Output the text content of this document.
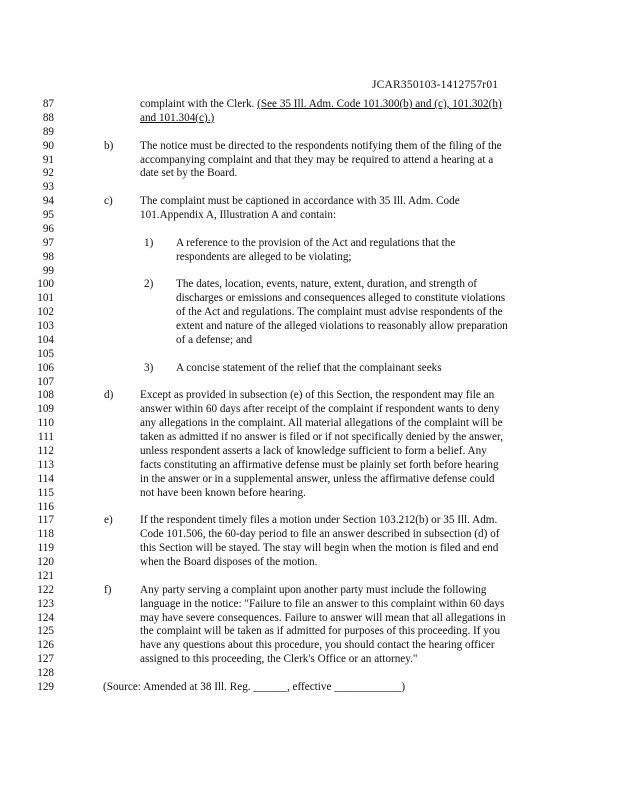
JCAR350103-1412757r01
87	complaint with the Clerk. (See 35 Ill. Adm. Code 101.300(b) and (c), 101.302(h)
88	and 101.304(c).)
89
90	b) The notice must be directed to the respondents notifying them of the filing of the
91	accompanying complaint and that they may be required to attend a hearing at a
92	date set by the Board.
93
94	c) The complaint must be captioned in accordance with 35 Ill. Adm. Code
95	101.Appendix A, Illustration A and contain:
96
97	1) A reference to the provision of the Act and regulations that the
98	respondents are alleged to be violating;
99
100	2) The dates, location, events, nature, extent, duration, and strength of
101	discharges or emissions and consequences alleged to constitute violations
102	of the Act and regulations. The complaint must advise respondents of the
103	extent and nature of the alleged violations to reasonably allow preparation
104	of a defense; and
105
106	3) A concise statement of the relief that the complainant seeks
107
108	d) Except as provided in subsection (e) of this Section, the respondent may file an
109	answer within 60 days after receipt of the complaint if respondent wants to deny
110	any allegations in the complaint. All material allegations of the complaint will be
111	taken as admitted if no answer is filed or if not specifically denied by the answer,
112	unless respondent asserts a lack of knowledge sufficient to form a belief. Any
113	facts constituting an affirmative defense must be plainly set forth before hearing
114	in the answer or in a supplemental answer, unless the affirmative defense could
115	not have been known before hearing.
116
117	e) If the respondent timely files a motion under Section 103.212(b) or 35 Ill. Adm.
118	Code 101.506, the 60-day period to file an answer described in subsection (d) of
119	this Section will be stayed. The stay will begin when the motion is filed and end
120	when the Board disposes of the motion.
121
122	f)	Any party serving a complaint upon another party must include the following
123	language in the notice: "Failure to file an answer to this complaint within 60 days
124	may have severe consequences. Failure to answer will mean that all allegations in
125	the complaint will be taken as if admitted for purposes of this proceeding. If you
126	have any questions about this procedure, you should contact the hearing officer
127	assigned to this proceeding, the Clerk's Office or an attorney."
128
129	(Source: Amended at 38 Ill. Reg. ______, effective ____________)
